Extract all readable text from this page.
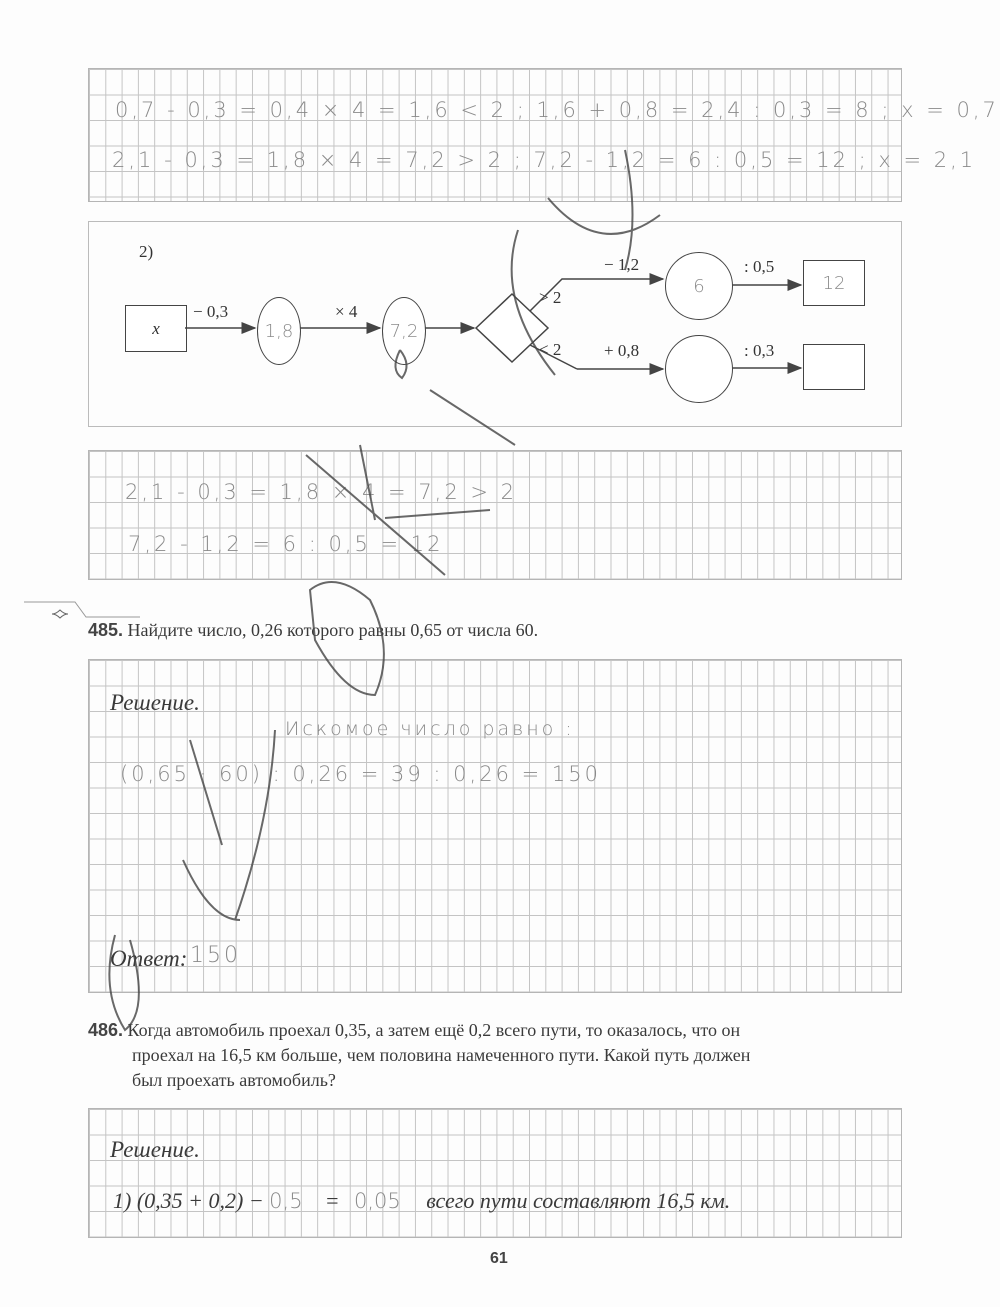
0,7 - 0,3 = 0,4 × 4 = 1,6 < 2 ; 1,6 + 0,8 = 2,4 : 0,3 = 8 ; x = 0,7
2,1 - 0,3 = 1,8 × 4 = 7,2 > 2 ; 7,2 - 1,2 = 6 : 0,5 = 12 ; x = 2,1
2)
x
− 0,3
1,8
× 4
7,2
> 2
< 2
− 1,2
6
: 0,5
12
+ 0,8	: 0,3
2,1 - 0,3 = 1,8 × 4 = 7,2 > 2
7,2 - 1,2 = 6 : 0,5 = 12
485. Найдите число, 0,26 которого равны 0,65 от числа 60.
Решение.
Искомое число равно :
(0,65 · 60) : 0,26 = 39 : 0,26 = 150
Ответ: 150
486. Когда автомобиль проехал 0,35, а затем ещё 0,2 всего пути, то оказалось, что он
проехал на 16,5 км больше, чем половина намеченного пути. Какой путь должен
был проехать автомобиль?
Решение.
1) (0,35 + 0,2) − 0,5 = 0,05 всего пути составляют 16,5 км.
61
